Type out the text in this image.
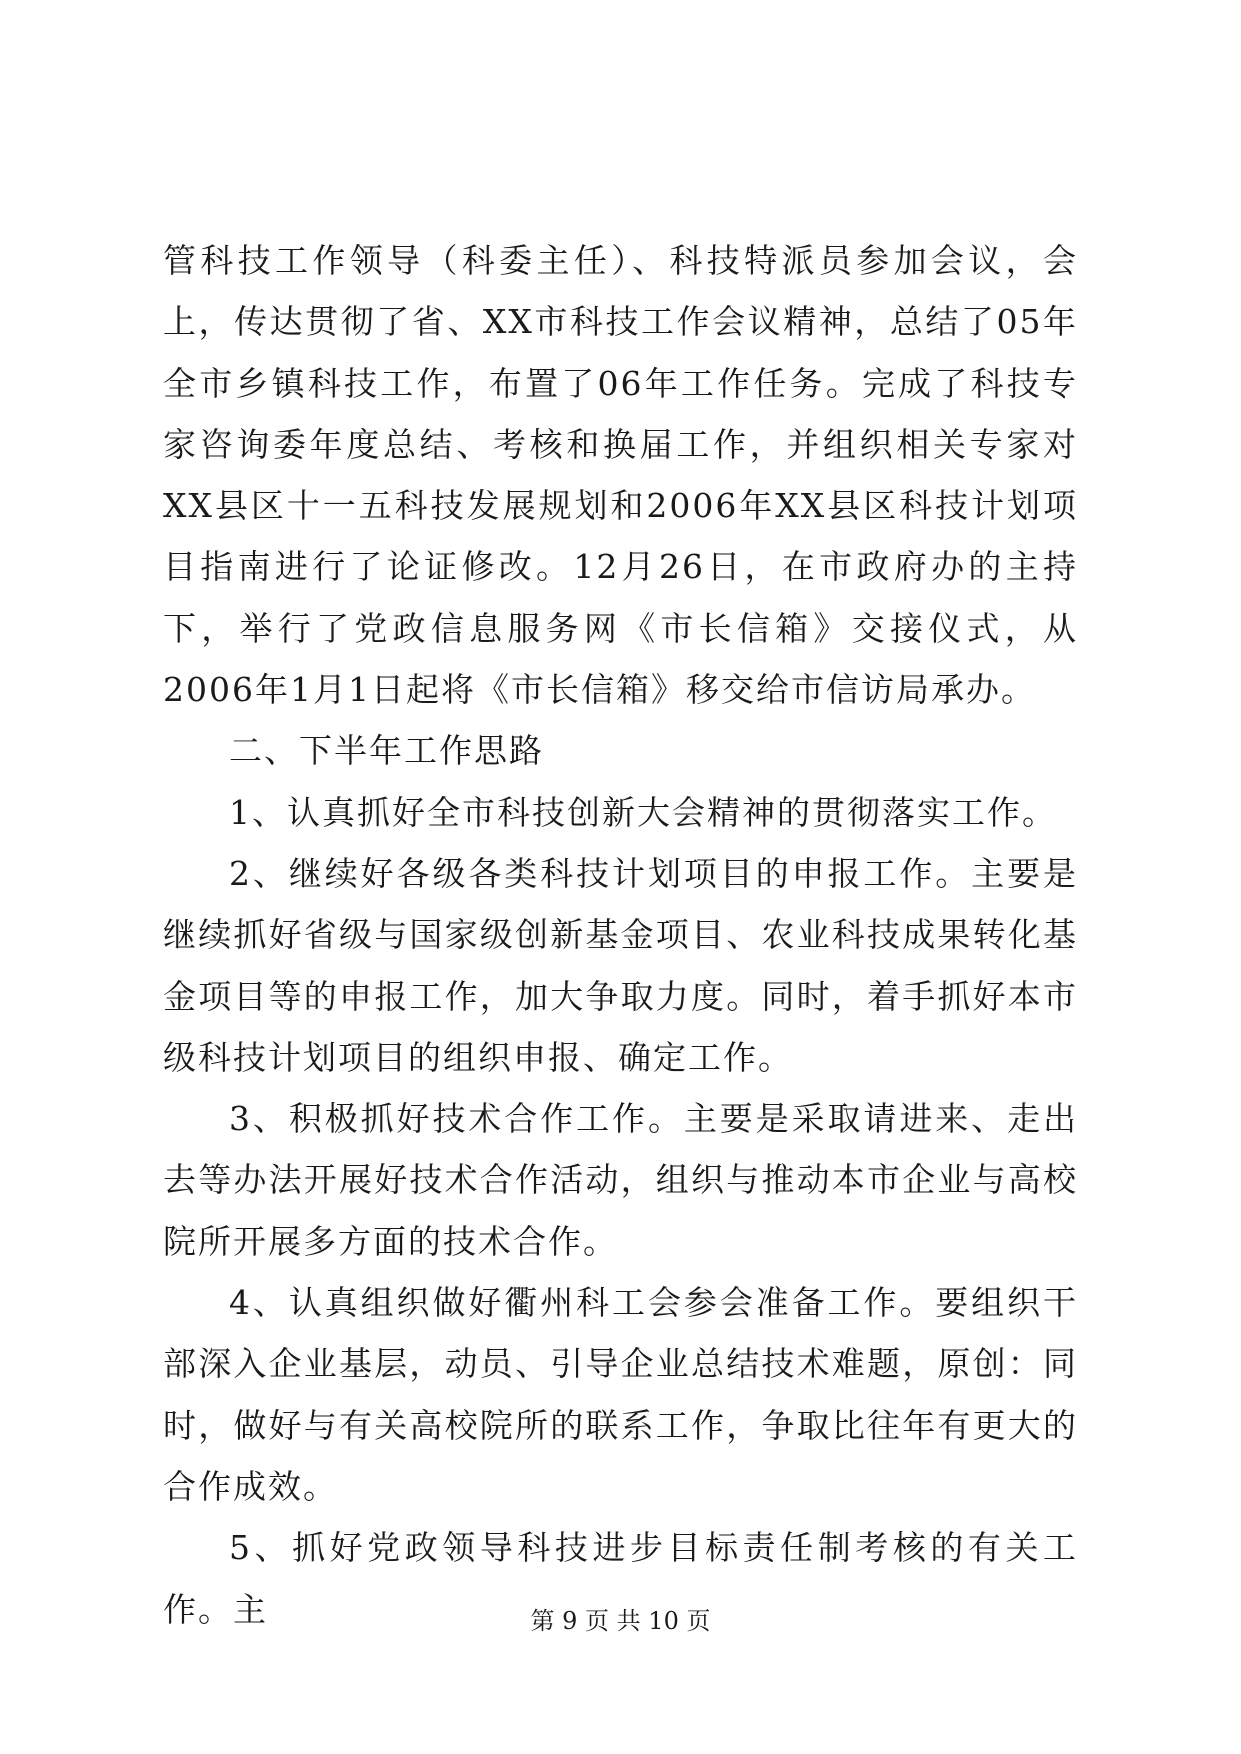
管科技工作领导（科委主任）、科技特派员参加会议，会上，传达贯彻了省、XX市科技工作会议精神，总结了05年全市乡镇科技工作，布置了06年工作任务。完成了科技专家咨询委年度总结、考核和换届工作，并组织相关专家对XX县区十一五科技发展规划和2006年XX县区科技计划项目指南进行了论证修改。12月26日，在市政府办的主持下，举行了党政信息服务网《市长信箱》交接仪式，从2006年1月1日起将《市长信箱》移交给市信访局承办。

二、下半年工作思路

1、认真抓好全市科技创新大会精神的贯彻落实工作。

2、继续好各级各类科技计划项目的申报工作。主要是继续抓好省级与国家级创新基金项目、农业科技成果转化基金项目等的申报工作，加大争取力度。同时，着手抓好本市级科技计划项目的组织申报、确定工作。

3、积极抓好技术合作工作。主要是采取请进来、走出去等办法开展好技术合作活动，组织与推动本市企业与高校院所开展多方面的技术合作。

4、认真组织做好衢州科工会参会准备工作。要组织干部深入企业基层，动员、引导企业总结技术难题，原创：同时，做好与有关高校院所的联系工作，争取比往年有更大的合作成效。

5、抓好党政领导科技进步目标责任制考核的有关工作。主	第 9 页 共 10 页
